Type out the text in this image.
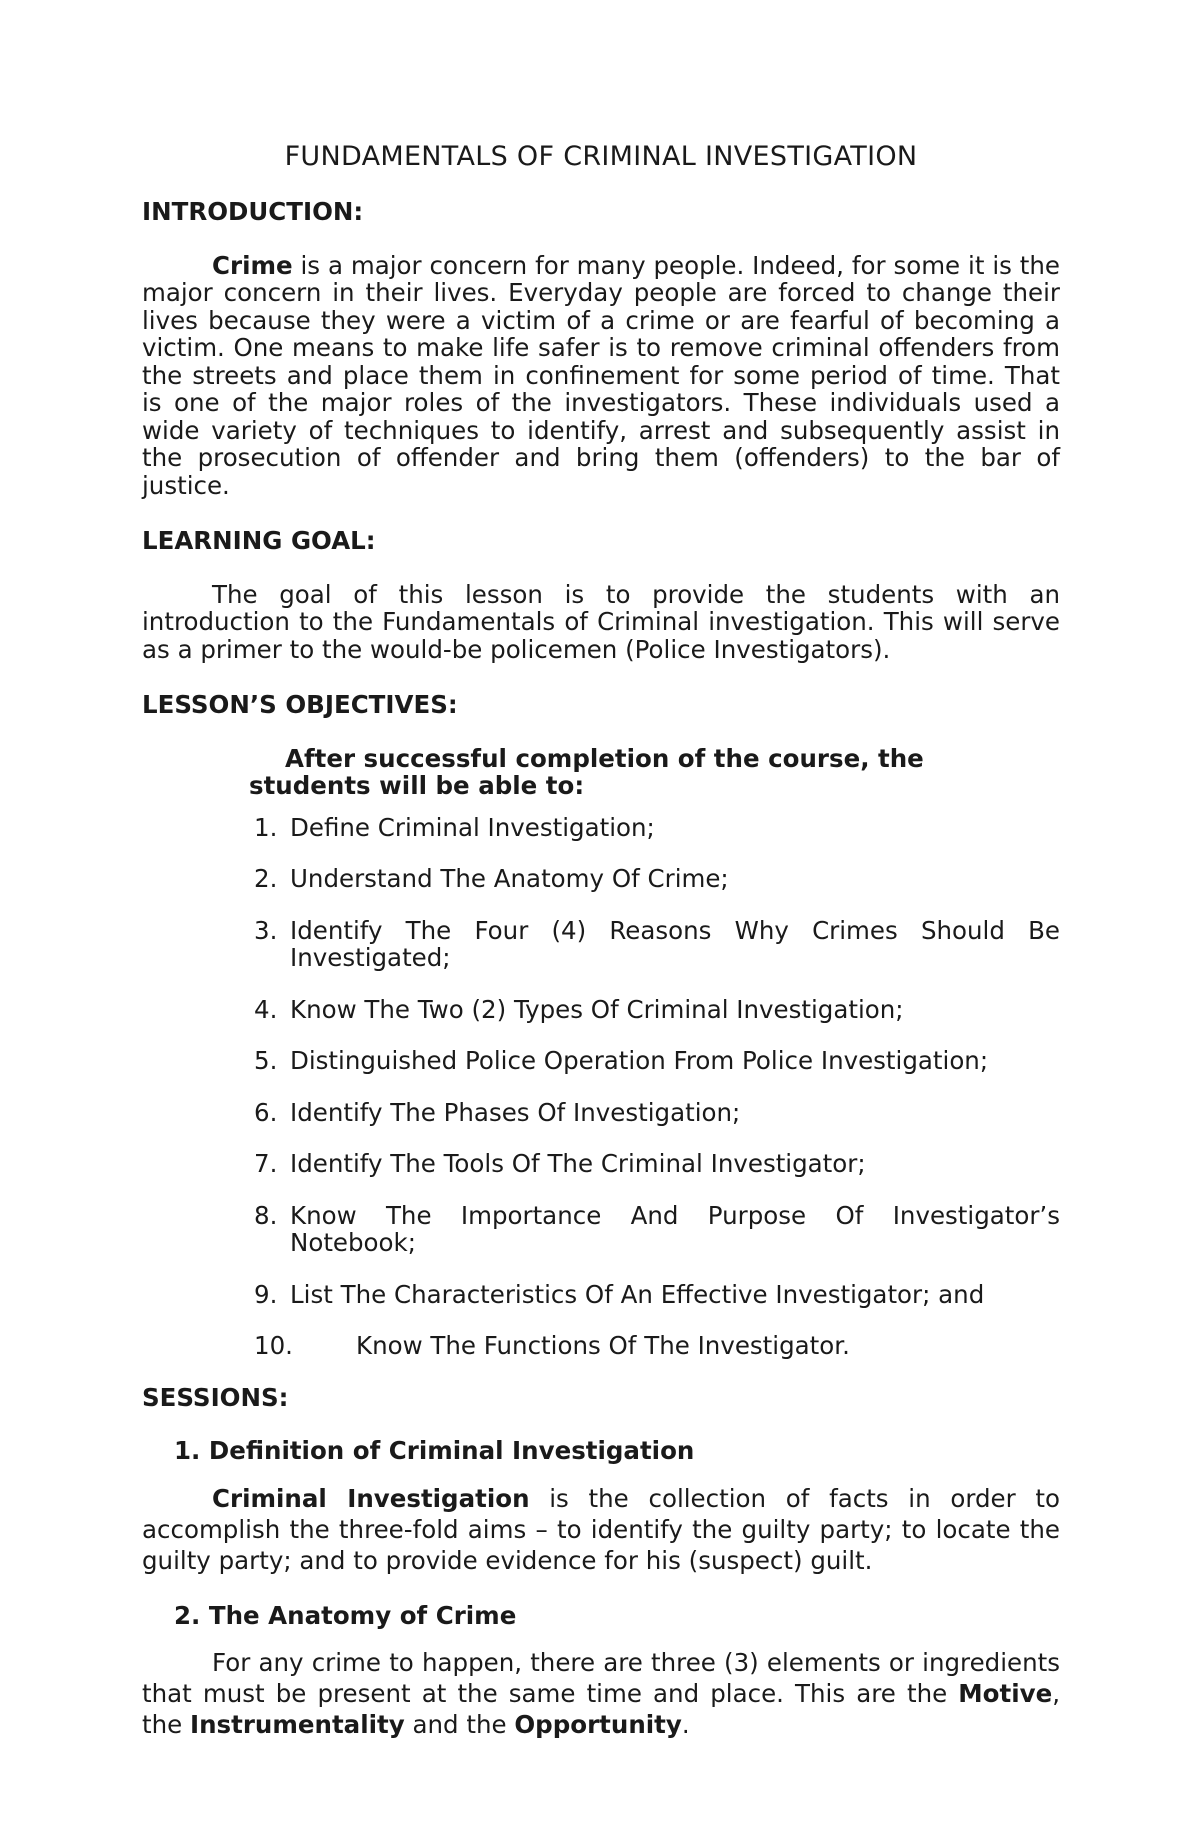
FUNDAMENTALS OF CRIMINAL INVESTIGATION
INTRODUCTION:

Crime is a major concern for many people. Indeed, for some it is the major concern in their lives. Everyday people are forced to change their lives because they were a victim of a crime or are fearful of becoming a victim. One means to make life safer is to remove criminal offenders from the streets and place them in confinement for some period of time. That is one of the major roles of the investigators. These individuals used a wide variety of techniques to identify, arrest and subsequently assist in the prosecution of offender and bring them (offenders) to the bar of justice.

LEARNING GOAL:

The goal of this lesson is to provide the students with an introduction to the Fundamentals of Criminal investigation. This will serve as a primer to the would-be policemen (Police Investigators).

LESSON’S OBJECTIVES:

After successful completion of the course, the students will be able to:

1. Define Criminal Investigation;
2. Understand The Anatomy Of Crime;
3. Identify The Four (4) Reasons Why Crimes Should Be Investigated;
4. Know The Two (2) Types Of Criminal Investigation;
5. Distinguished Police Operation From Police Investigation;
6. Identify The Phases Of Investigation;
7. Identify The Tools Of The Criminal Investigator;
8. Know The Importance And Purpose Of Investigator’s Notebook;
9. List The Characteristics Of An Effective Investigator; and
10.	Know The Functions Of The Investigator.
SESSIONS:
1. Definition of Criminal Investigation

Criminal Investigation is the collection of facts in order to accomplish the three-fold aims – to identify the guilty party; to locate the guilty party; and to provide evidence for his (suspect) guilt.

2. The Anatomy of Crime

For any crime to happen, there are three (3) elements or ingredients that must be present at the same time and place. This are the Motive, the Instrumentality and the Opportunity.
